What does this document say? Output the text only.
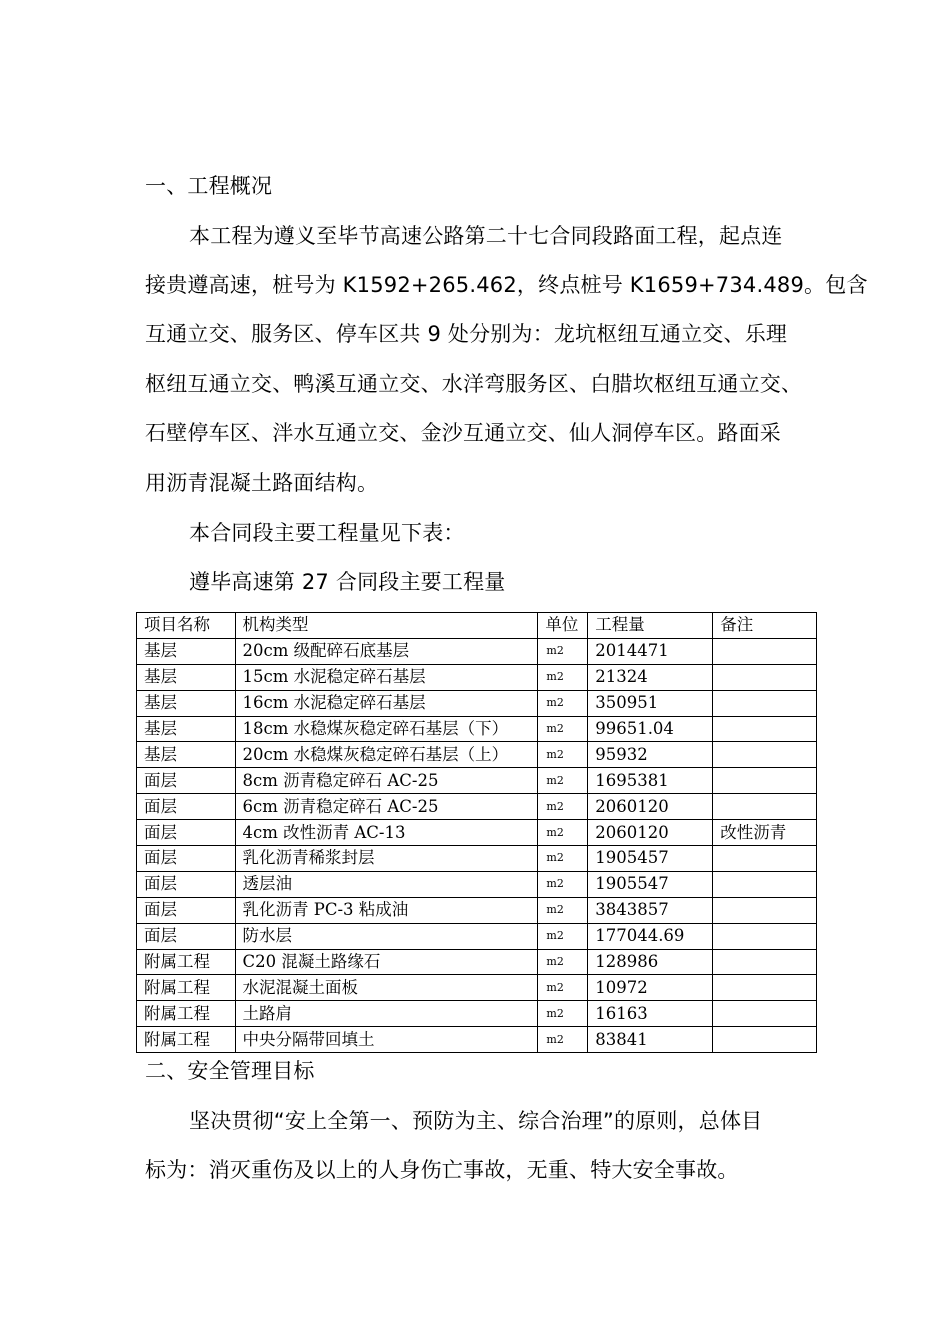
一、工程概况
本工程为遵义至毕节高速公路第二十七合同段路面工程，起点连
接贵遵高速，桩号为 K1592+265.462，终点桩号 K1659+734.489。包含
互通立交、服务区、停车区共 9 处分别为：龙坑枢纽互通立交、乐理
枢纽互通立交、鸭溪互通立交、水洋弯服务区、白腊坎枢纽互通立交、
石壁停车区、泮水互通立交、金沙互通立交、仙人洞停车区。路面采
用沥青混凝土路面结构。
本合同段主要工程量见下表：
遵毕高速第 27 合同段主要工程量
项目名称	机构类型	单位	工程量	备注
基层	20cm 级配碎石底基层	m2	2014471	
基层	15cm 水泥稳定碎石基层	m2	21324	
基层	16cm 水泥稳定碎石基层	m2	350951	
基层	18cm 水稳煤灰稳定碎石基层（下）	m2	99651.04	
基层	20cm 水稳煤灰稳定碎石基层（上）	m2	95932	
面层	8cm 沥青稳定碎石 AC-25	m2	1695381	
面层	6cm 沥青稳定碎石 AC-25	m2	2060120	
面层	4cm 改性沥青 AC-13	m2	2060120	改性沥青
面层	乳化沥青稀浆封层	m2	1905457	
面层	透层油	m2	1905547	
面层	乳化沥青 PC-3 粘成油	m2	3843857	
面层	防水层	m2	177044.69	
附属工程	C20 混凝土路缘石	m2	128986	
附属工程	水泥混凝土面板	m2	10972	
附属工程	土路肩	m2	16163	
附属工程	中央分隔带回填土	m2	83841	
二、安全管理目标
坚决贯彻“安上全第一、预防为主、综合治理”的原则，总体目
标为：消灭重伤及以上的人身伤亡事故，无重、特大安全事故。
